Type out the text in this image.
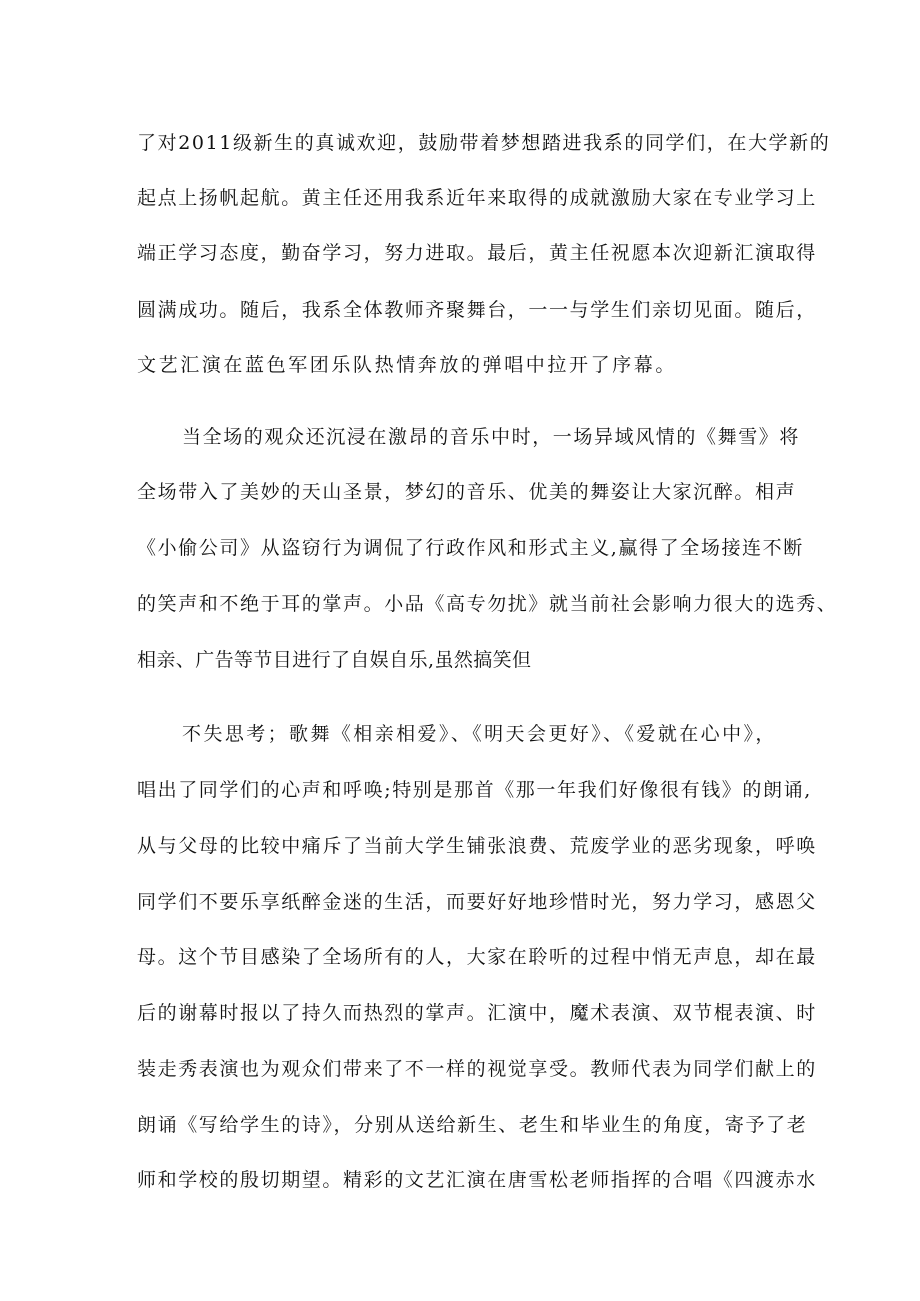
了对2011级新生的真诚欢迎，鼓励带着梦想踏进我系的同学们，在大学新的
起点上扬帆起航。黄主任还用我系近年来取得的成就激励大家在专业学习上
端正学习态度，勤奋学习，努力进取。最后，黄主任祝愿本次迎新汇演取得
圆满成功。随后，我系全体教师齐聚舞台，一一与学生们亲切见面。随后，
文艺汇演在蓝色军团乐队热情奔放的弹唱中拉开了序幕。
当全场的观众还沉浸在激昂的音乐中时，一场异域风情的《舞雪》将
全场带入了美妙的天山圣景，梦幻的音乐、优美的舞姿让大家沉醉。相声
《小偷公司》从盗窃行为调侃了行政作风和形式主义,赢得了全场接连不断
的笑声和不绝于耳的掌声。小品《高专勿扰》就当前社会影响力很大的选秀、
相亲、广告等节目进行了自娱自乐,虽然搞笑但
不失思考；歌舞《相亲相爱》、《明天会更好》、《爱就在心中》，
唱出了同学们的心声和呼唤;特别是那首《那一年我们好像很有钱》的朗诵,
从与父母的比较中痛斥了当前大学生铺张浪费、荒废学业的恶劣现象，呼唤
同学们不要乐享纸醉金迷的生活，而要好好地珍惜时光，努力学习，感恩父
母。这个节目感染了全场所有的人，大家在聆听的过程中悄无声息，却在最
后的谢幕时报以了持久而热烈的掌声。汇演中，魔术表演、双节棍表演、时
装走秀表演也为观众们带来了不一样的视觉享受。教师代表为同学们献上的
朗诵《写给学生的诗》，分别从送给新生、老生和毕业生的角度，寄予了老
师和学校的殷切期望。精彩的文艺汇演在唐雪松老师指挥的合唱《四渡赤水
